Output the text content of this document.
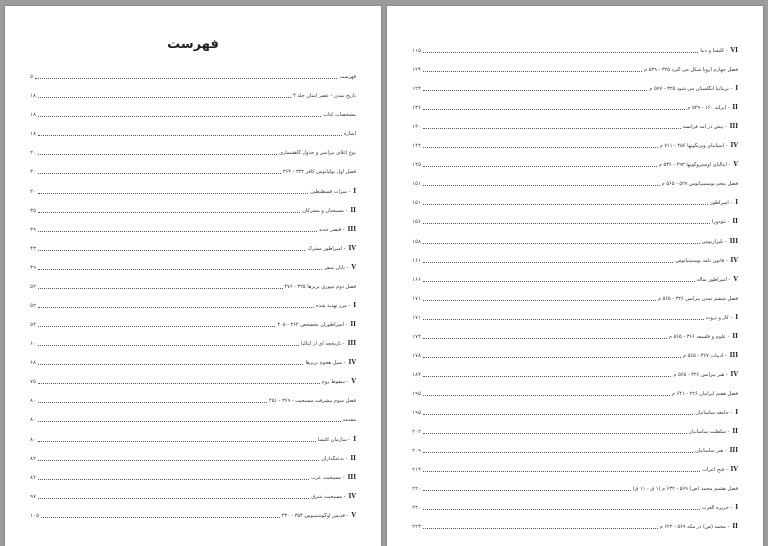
فهرست
۵	فهرست
۱۸	تاریخ تمدن - عصر ایمان جلد ۴
۱۸	مشخصات کتاب
۱۸	اشاره
۲۰	نوع اعلای بیزانس و جدول گاهشماری
۳۰	فصل اول یولیانوس کافر ۳۳۲ - ۳۶۳
۳۰	- میراث قسطنطین I
۳۵	- مسیحیان و مشرکان II
۳۹	- قیصر جدید III
۴۳	- امپراطور مشرک IV
۴۹	- پایان سفر V
۵۲	فصل دوم تیپوری بربرها ۳۲۵ - ۴۷۶
۵۲	- مرز تهدید شده I
۵۴	- امپراطوران نخشخص ۳۶۴ - ۴۰۵ II
۶۰	- تاریخچه ای از ایتالیا III
۶۸	- سیل هجوم بربرها IV
۷۵	- سقوط روم V
۸۰	فصل سوم پیشرفت مسیحیت - ۳۶۹ - ۴۵۱
۸۰	مقدمه
۸۰	- سازمان کلیسا I
۸۲	- بدعتگذاران II
۸۴	- مسیحیت عرب III
۹۷	- مسیحیت شرق IV
۱۰۵	- قدیس آوگوستینوس ۳۵۴ - ۴۳۰ V
۱۱۵	- کلیسا و دنیا VI
۱۲۴	فصل چهارم اروپا شکل می گیرد ۳۲۵ - ۵۲۹ م
۱۲۴	- بریتانیا انگلستان می شود ۳۲۵ - ۵۷۷ م I
۱۳۶	- ایرلند ۱۶۰ - ۵۲۹ م II
۱۳۰	- پیش در آمد فرانسه III
۱۴۲	- اسپانیای ویزیگوتها ۴۵۶ - ۷۱۱ م IV
۱۴۵	- ایتالیای اوستروگوتها ۴۹۳ - ۵۳۶ م V
۱۵۱	فصل پنجم یوستینیانوس ۵۲۷ - ۵۶۵ م
۱۵۱	- امپراطور I
۱۵۶	- تئودورا II
۱۵۸	- بلیزاریوس III
۱۶۱	- قانون نامه یوستینیانوس IV
۱۶۶	- امپراطور متأله V
۱۷۱	فصل ششم تمدن بیزانس ۳۲۶ - ۵۶۵ م
۱۷۱	- کار و ثروت I
۱۷۴	- علوم و فلسفه ۳۶۶ - ۵۶۵ م II
۱۷۸	- ادبیات ۳۶۷ - ۵۶۵ م III
۱۸۴	- هنر بیزانس ۳۲۶ - ۵۶۵ م IV
۱۹۵	فصل هفتم ایرانیان ۲۲۶ - ۶۴۱ م
۱۹۵	- جامعه ساسانیان I
۲۰۲	- سلطنت ساسانیان II
۲۰۹	- هنر ساسانیان III
۲۱۴	- فتح اعراب IV
۲۲۰	فصل هشتم محمد (ص) ۵۶۹ - ۶۳۲ م (۱ ق - ۱۱ ق)
۲۲۰	- جزیره العرب I
۲۲۳	- محمد (ص) در مکه ۵۶۹ - ۶۲۲ م II
